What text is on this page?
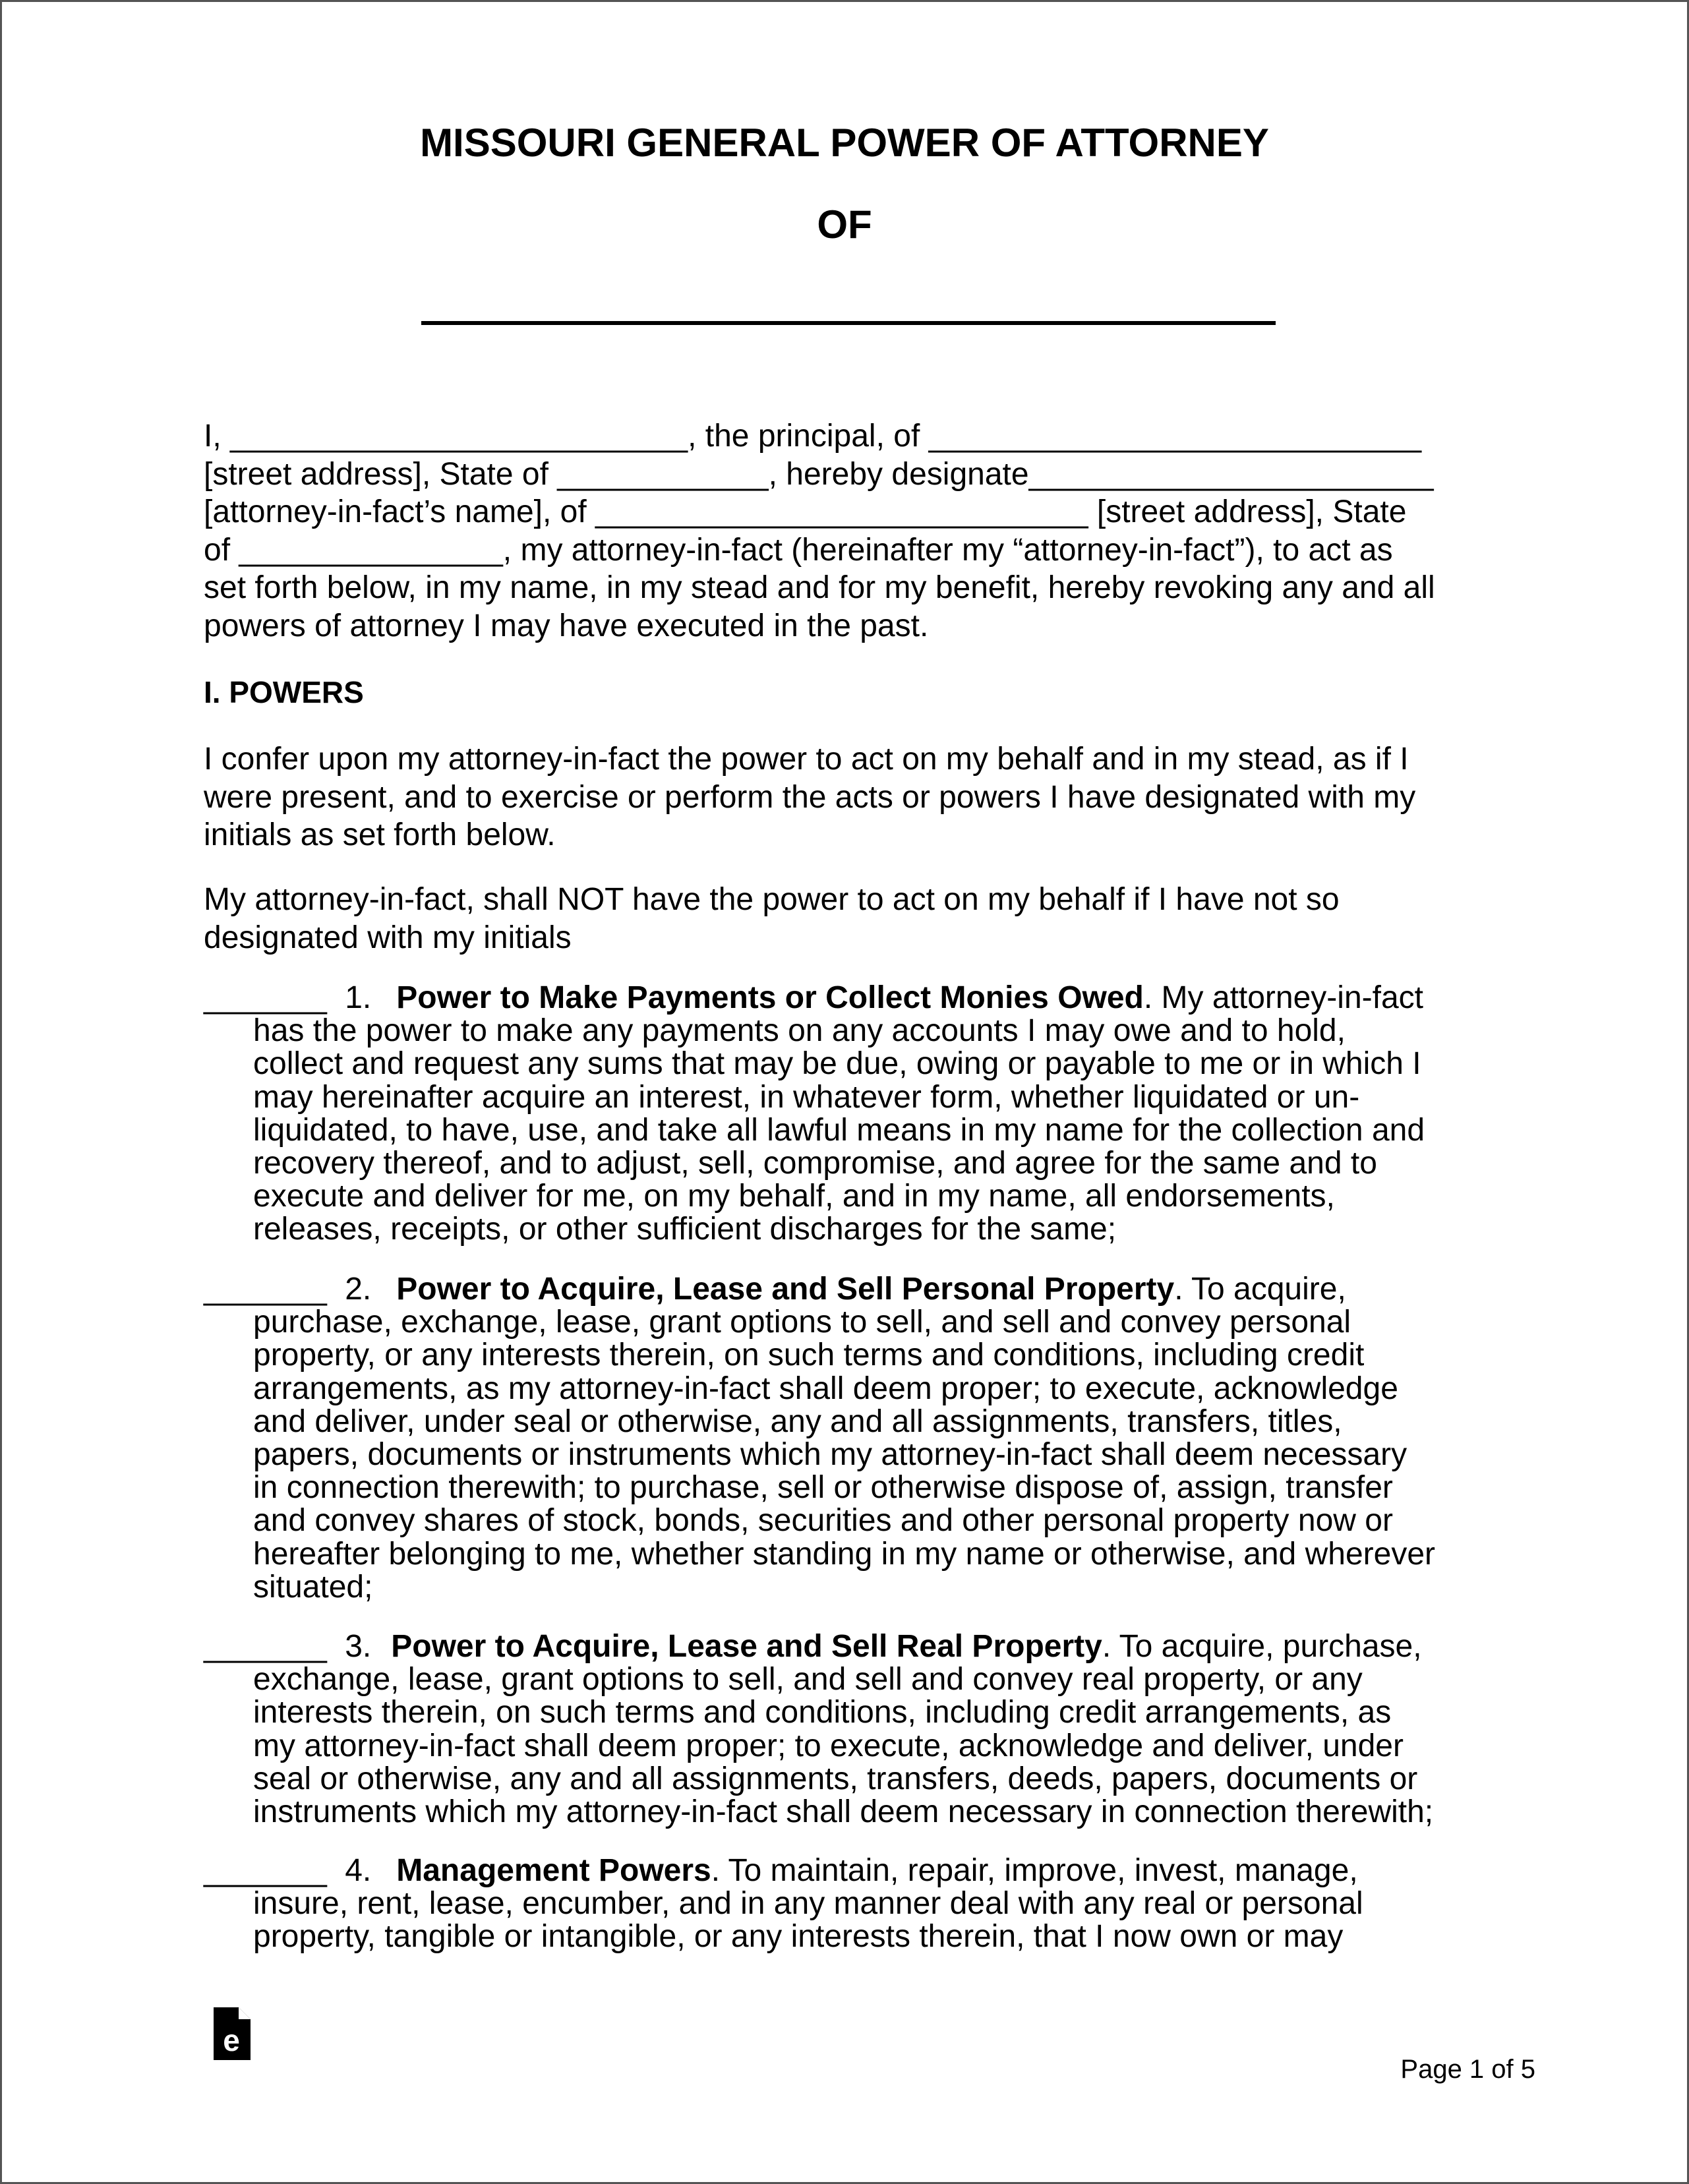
MISSOURI GENERAL POWER OF ATTORNEY
OF
I, __________________________, the principal, of ____________________________
[street address], State of ____________, hereby designate_______________________
[attorney-in-fact’s name], of ____________________________ [street address], State
of _______________, my attorney-in-fact (hereinafter my “attorney-in-fact”), to act as
set forth below, in my name, in my stead and for my benefit, hereby revoking any and all
powers of attorney I may have executed in the past.
I. POWERS
I confer upon my attorney-in-fact the power to act on my behalf and in my stead, as if I
were present, and to exercise or perform the acts or powers I have designated with my
initials as set forth below.
My attorney-in-fact, shall NOT have the power to act on my behalf if I have not so
designated with my initials
_______ 1. Power to Make Payments or Collect Monies Owed. My attorney-in-fact
has the power to make any payments on any accounts I may owe and to hold,
collect and request any sums that may be due, owing or payable to me or in which I
may hereinafter acquire an interest, in whatever form, whether liquidated or un-
liquidated, to have, use, and take all lawful means in my name for the collection and
recovery thereof, and to adjust, sell, compromise, and agree for the same and to
execute and deliver for me, on my behalf, and in my name, all endorsements,
releases, receipts, or other sufficient discharges for the same;
_______ 2. Power to Acquire, Lease and Sell Personal Property. To acquire,
purchase, exchange, lease, grant options to sell, and sell and convey personal
property, or any interests therein, on such terms and conditions, including credit
arrangements, as my attorney-in-fact shall deem proper; to execute, acknowledge
and deliver, under seal or otherwise, any and all assignments, transfers, titles,
papers, documents or instruments which my attorney-in-fact shall deem necessary
in connection therewith; to purchase, sell or otherwise dispose of, assign, transfer
and convey shares of stock, bonds, securities and other personal property now or
hereafter belonging to me, whether standing in my name or otherwise, and wherever
situated;
_______ 3. Power to Acquire, Lease and Sell Real Property. To acquire, purchase,
exchange, lease, grant options to sell, and sell and convey real property, or any
interests therein, on such terms and conditions, including credit arrangements, as
my attorney-in-fact shall deem proper; to execute, acknowledge and deliver, under
seal or otherwise, any and all assignments, transfers, deeds, papers, documents or
instruments which my attorney-in-fact shall deem necessary in connection therewith;
_______ 4. Management Powers. To maintain, repair, improve, invest, manage,
insure, rent, lease, encumber, and in any manner deal with any real or personal
property, tangible or intangible, or any interests therein, that I now own or may
e
Page 1 of 5
